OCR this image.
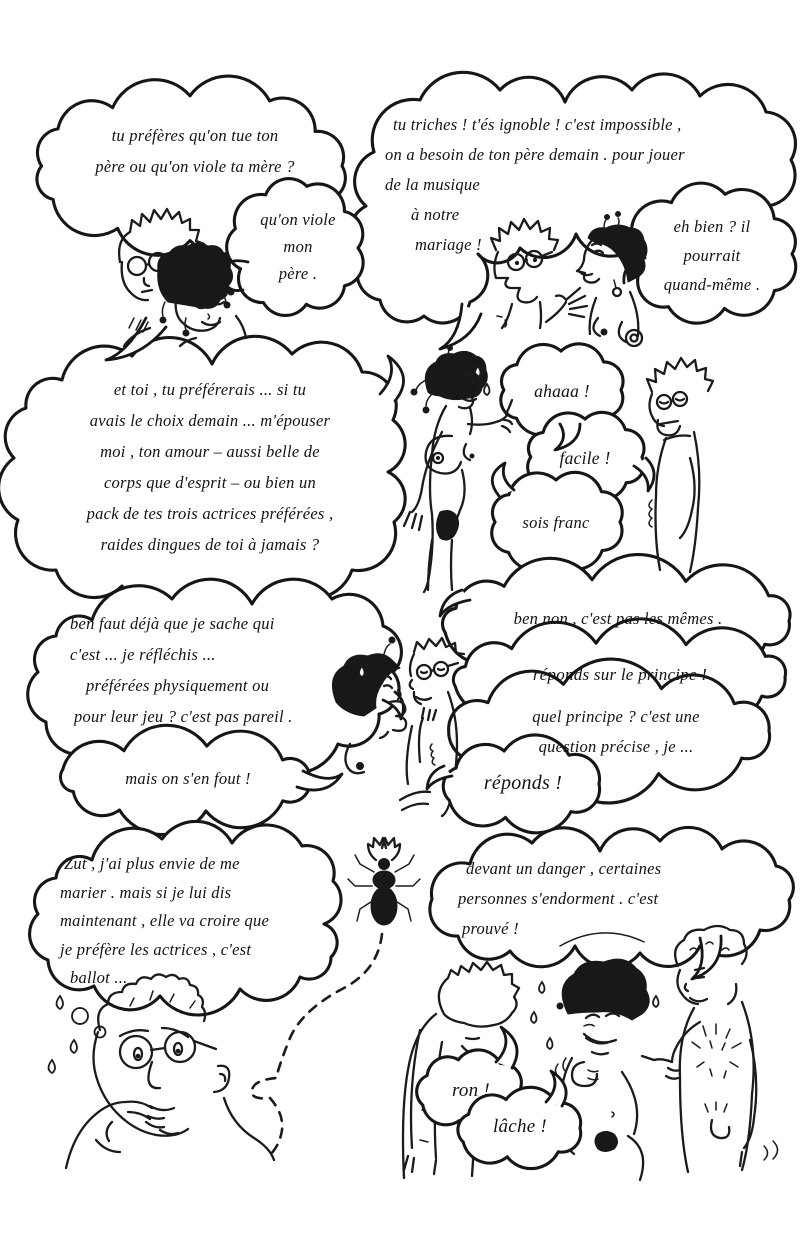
tu préfères qu'on tue ton
père ou qu'on viole ta mère ?
qu'on viole
mon
père .
tu triches ! t'és ignoble ! c'est impossible ,
on a besoin de ton père demain . pour jouer
de la musique
à notre
mariage !
eh bien ? il
pourrait
quand-même .
et toi , tu préférerais ... si tu
avais le choix demain ... m'épouser
moi , ton amour – aussi belle de
corps que d'esprit – ou bien un
pack de tes trois actrices préférées ,
raides dingues de toi à jamais ?
ahaaa !
facile !
sois franc
ben faut déjà que je sache qui
c'est ... je réfléchis ...
préférées physiquement ou
pour leur jeu ? c'est pas pareil .
mais on s'en fout !
ben non , c'est pas les mêmes .
réponds sur le principe !
quel principe ? c'est une
question précise , je ...
réponds !
Zut , j'ai plus envie de me
marier . mais si je lui dis
maintenant , elle va croire que
je préfère les actrices , c'est
ballot ...
devant un danger , certaines
personnes s'endorment . c'est
prouvé !
ron !
lâche !
